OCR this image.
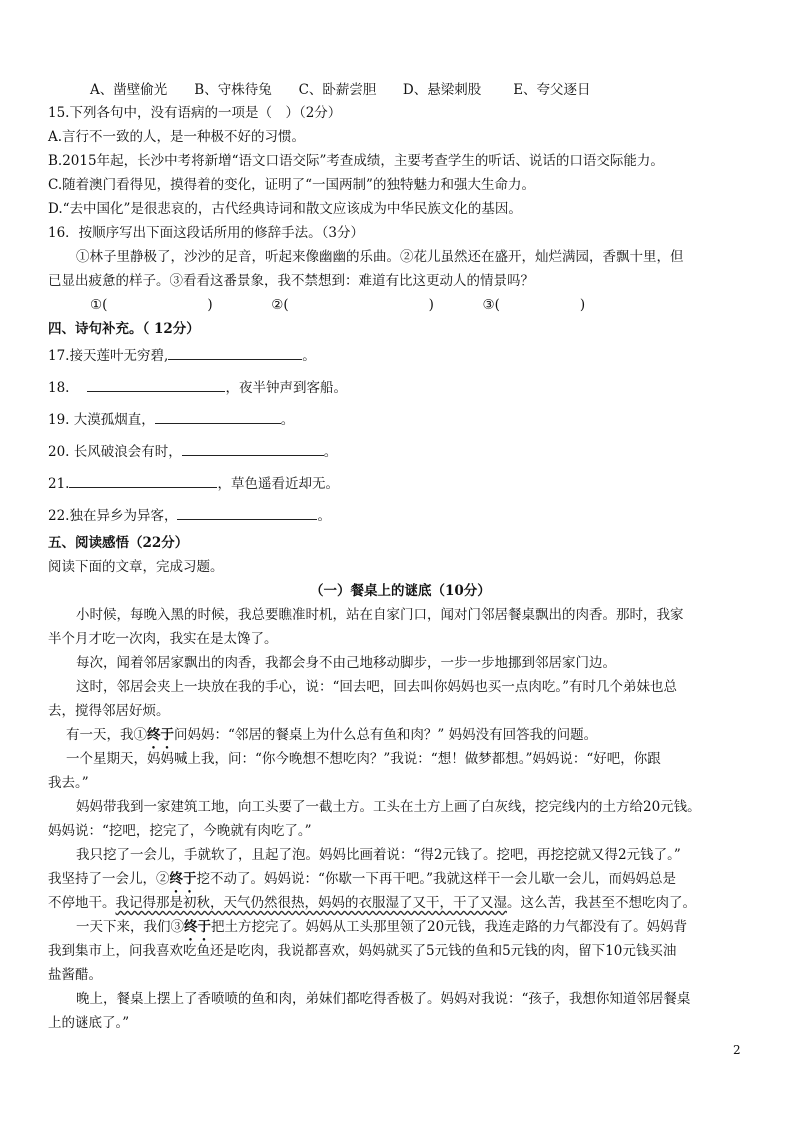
A、凿壁偷光 B、守株待兔 C、卧薪尝胆 D、悬梁刺股 E、夸父逐日
15.下列各句中，没有语病的一项是（　）（2分）
A.言行不一致的人，是一种极不好的习惯。
B.2015年起，长沙中考将新增“语文口语交际”考查成绩，主要考查学生的听话、说话的口语交际能力。
C.随着澳门看得见，摸得着的变化，证明了“一国两制”的独特魅力和强大生命力。
D.“去中国化”是很悲哀的，古代经典诗词和散文应该成为中华民族文化的基因。
16．按顺序写出下面这段话所用的修辞手法。（3分）
①林子里静极了，沙沙的足音，听起来像幽幽的乐曲。②花儿虽然还在盛开，灿烂满园，香飘十里，但
已显出疲惫的样子。③看看这番景象，我不禁想到：难道有比这更动人的情景吗？
①(	)	②(	)	③(	)
四、诗句补充。（ 12分）
17.接天莲叶无穷碧,	。
18.	，夜半钟声到客船。
19. 大漠孤烟直，	。
20. 长风破浪会有时，	。
21.	，草色遥看近却无。
22.独在异乡为异客，	。
五、阅读感悟（22分）
阅读下面的文章，完成习题。
（一）餐桌上的谜底（10分）
小时候，每晚入黑的时候，我总要瞧准时机，站在自家门口，闻对门邻居餐桌飘出的肉香。那时，我家
半个月才吃一次肉，我实在是太馋了。
每次，闻着邻居家飘出的肉香，我都会身不由己地移动脚步，一步一步地挪到邻居家门边。
这时，邻居会夹上一块放在我的手心，说：“回去吧，回去叫你妈妈也买一点肉吃。”有时几个弟妹也总
去，搅得邻居好烦。
有一天，我①终于问妈妈：“邻居的餐桌上为什么总有鱼和肉？” 妈妈没有回答我的问题。
一个星期天，妈妈喊上我，问：“你今晚想不想吃肉？”我说：“想！做梦都想。”妈妈说：“好吧，你跟
我去。”
妈妈带我到一家建筑工地，向工头要了一截土方。工头在土方上画了白灰线，挖完线内的土方给20元钱。
妈妈说：“挖吧，挖完了，今晚就有肉吃了。”
我只挖了一会儿，手就软了，且起了泡。妈妈比画着说：“得2元钱了。挖吧，再挖挖就又得2元钱了。”
我坚持了一会儿，②终于挖不动了。妈妈说：“你歇一下再干吧。”我就这样干一会儿歇一会儿，而妈妈总是
不停地干。我记得那是初秋，天气仍然很热，妈妈的衣服湿了又干，干了又湿。这么苦，我甚至不想吃肉了。
一天下来，我们③终于把土方挖完了。妈妈从工头那里领了20元钱，我连走路的力气都没有了。妈妈背
我到集市上，问我喜欢吃鱼还是吃肉，我说都喜欢，妈妈就买了5元钱的鱼和5元钱的肉，留下10元钱买油
盐酱醋。
晚上，餐桌上摆上了香喷喷的鱼和肉，弟妹们都吃得香极了。妈妈对我说：“孩子，我想你知道邻居餐桌
上的谜底了。”
2
